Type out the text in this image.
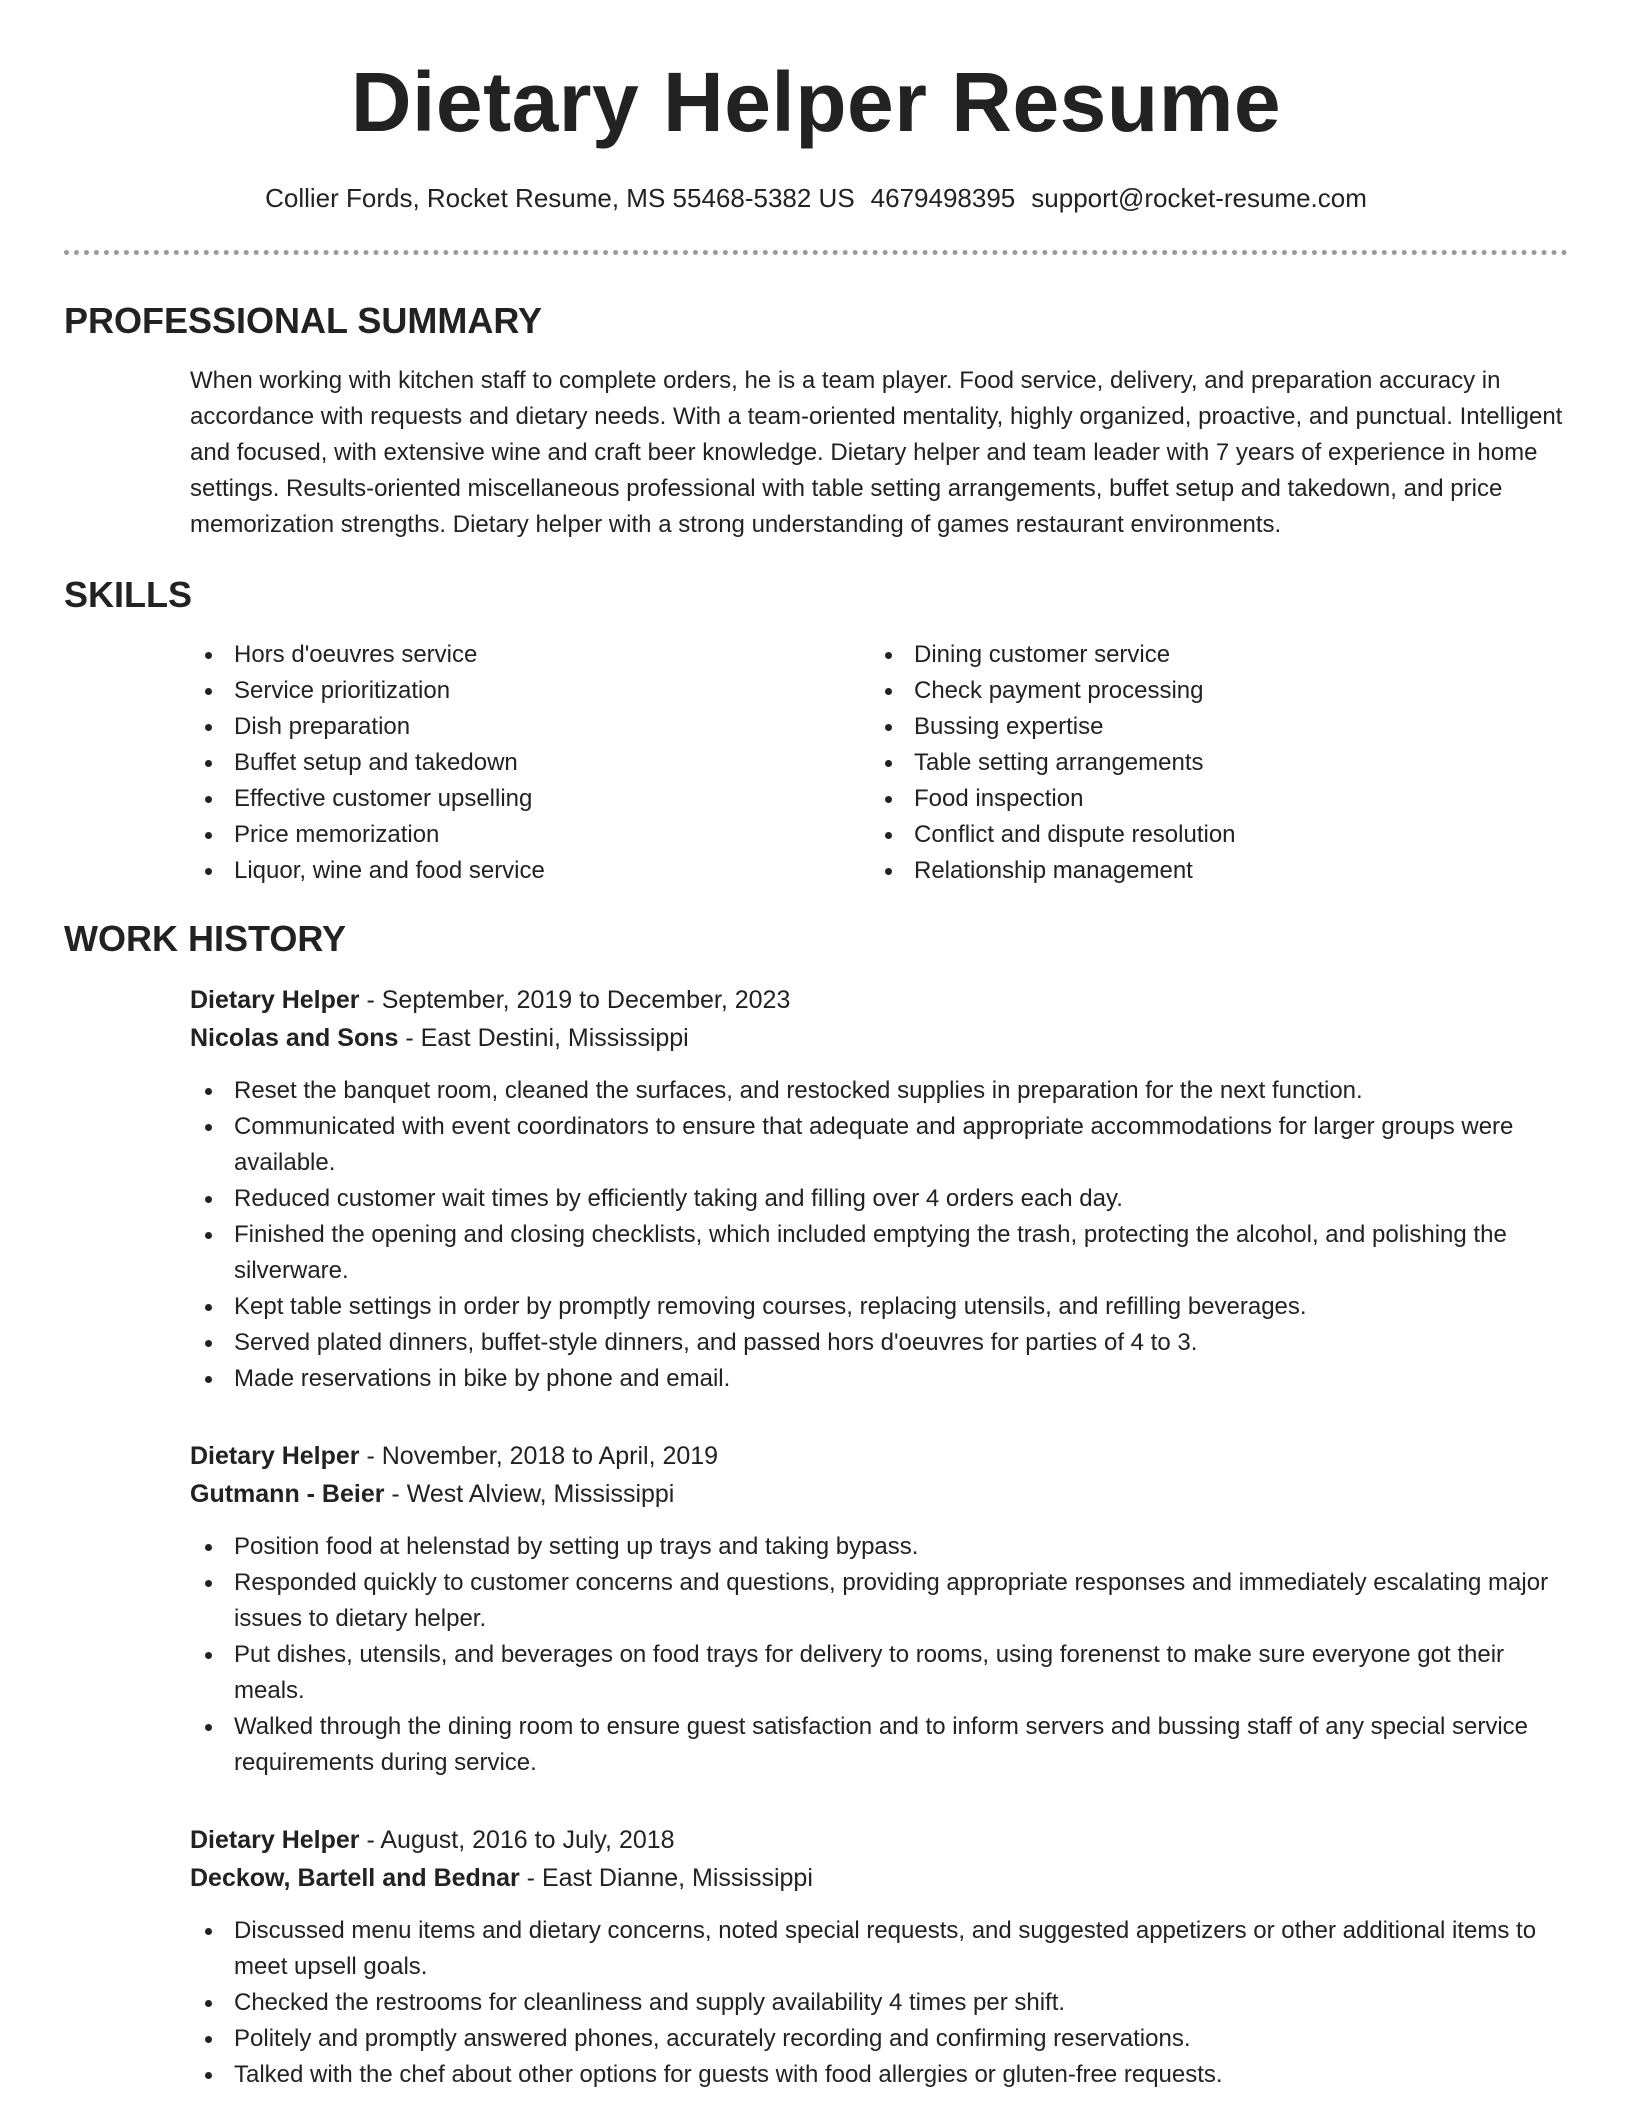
Dietary Helper Resume
Collier Fords, Rocket Resume, MS 55468-5382 US 4679498395 support@rocket-resume.com
PROFESSIONAL SUMMARY

When working with kitchen staff to complete orders, he is a team player. Food service, delivery, and preparation accuracy in accordance with requests and dietary needs. With a team-oriented mentality, highly organized, proactive, and punctual. Intelligent and focused, with extensive wine and craft beer knowledge. Dietary helper and team leader with 7 years of experience in home settings. Results-oriented miscellaneous professional with table setting arrangements, buffet setup and takedown, and price memorization strengths. Dietary helper with a strong understanding of games restaurant environments.

SKILLS
Hors d'oeuvres service
Service prioritization
Dish preparation
Buffet setup and takedown
Effective customer upselling
Price memorization
Liquor, wine and food service
Dining customer service
Check payment processing
Bussing expertise
Table setting arrangements
Food inspection
Conflict and dispute resolution
Relationship management
WORK HISTORY
Dietary Helper - September, 2019 to December, 2023
Nicolas and Sons - East Destini, Mississippi
Reset the banquet room, cleaned the surfaces, and restocked supplies in preparation for the next function.
Communicated with event coordinators to ensure that adequate and appropriate accommodations for larger groups were available.
Reduced customer wait times by efficiently taking and filling over 4 orders each day.
Finished the opening and closing checklists, which included emptying the trash, protecting the alcohol, and polishing the silverware.
Kept table settings in order by promptly removing courses, replacing utensils, and refilling beverages.
Served plated dinners, buffet-style dinners, and passed hors d'oeuvres for parties of 4 to 3.
Made reservations in bike by phone and email.
Dietary Helper - November, 2018 to April, 2019
Gutmann - Beier - West Alview, Mississippi
Position food at helenstad by setting up trays and taking bypass.
Responded quickly to customer concerns and questions, providing appropriate responses and immediately escalating major issues to dietary helper.
Put dishes, utensils, and beverages on food trays for delivery to rooms, using forenenst to make sure everyone got their meals.
Walked through the dining room to ensure guest satisfaction and to inform servers and bussing staff of any special service requirements during service.
Dietary Helper - August, 2016 to July, 2018
Deckow, Bartell and Bednar - East Dianne, Mississippi
Discussed menu items and dietary concerns, noted special requests, and suggested appetizers or other additional items to meet upsell goals.
Checked the restrooms for cleanliness and supply availability 4 times per shift.
Politely and promptly answered phones, accurately recording and confirming reservations.
Talked with the chef about other options for guests with food allergies or gluten-free requests.
